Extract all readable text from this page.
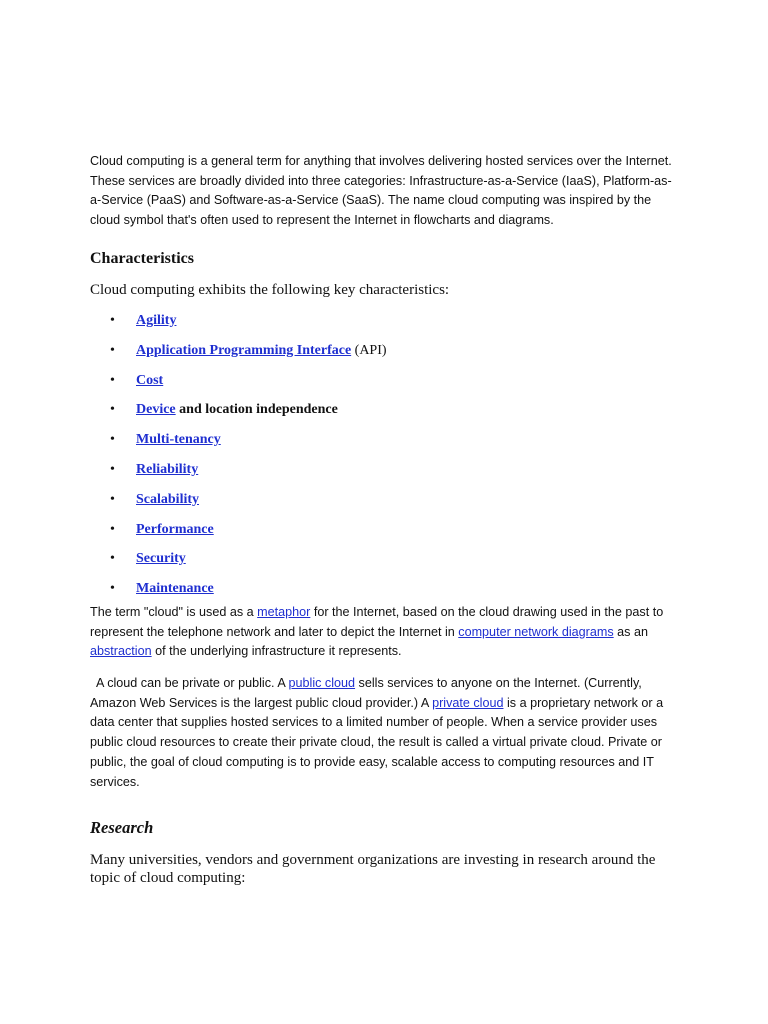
Cloud computing is a general term for anything that involves delivering hosted services over the Internet. These services are broadly divided into three categories: Infrastructure-as-a-Service (IaaS), Platform-as-a-Service (PaaS) and Software-as-a-Service (SaaS). The name cloud computing was inspired by the cloud symbol that's often used to represent the Internet in flowcharts and diagrams.

Characteristics

Cloud computing exhibits the following key characteristics:

• Agility
• Application Programming Interface (API)
• Cost
• Device and location independence
• Multi-tenancy
• Reliability
• Scalability
• Performance
• Security
• Maintenance

The term "cloud" is used as a metaphor for the Internet, based on the cloud drawing used in the past to represent the telephone network and later to depict the Internet in computer network diagrams as an abstraction of the underlying infrastructure it represents.

A cloud can be private or public. A public cloud sells services to anyone on the Internet. (Currently, Amazon Web Services is the largest public cloud provider.) A private cloud is a proprietary network or a data center that supplies hosted services to a limited number of people. When a service provider uses public cloud resources to create their private cloud, the result is called a virtual private cloud. Private or public, the goal of cloud computing is to provide easy, scalable access to computing resources and IT services.

Research

Many universities, vendors and government organizations are investing in research around the topic of cloud computing:
